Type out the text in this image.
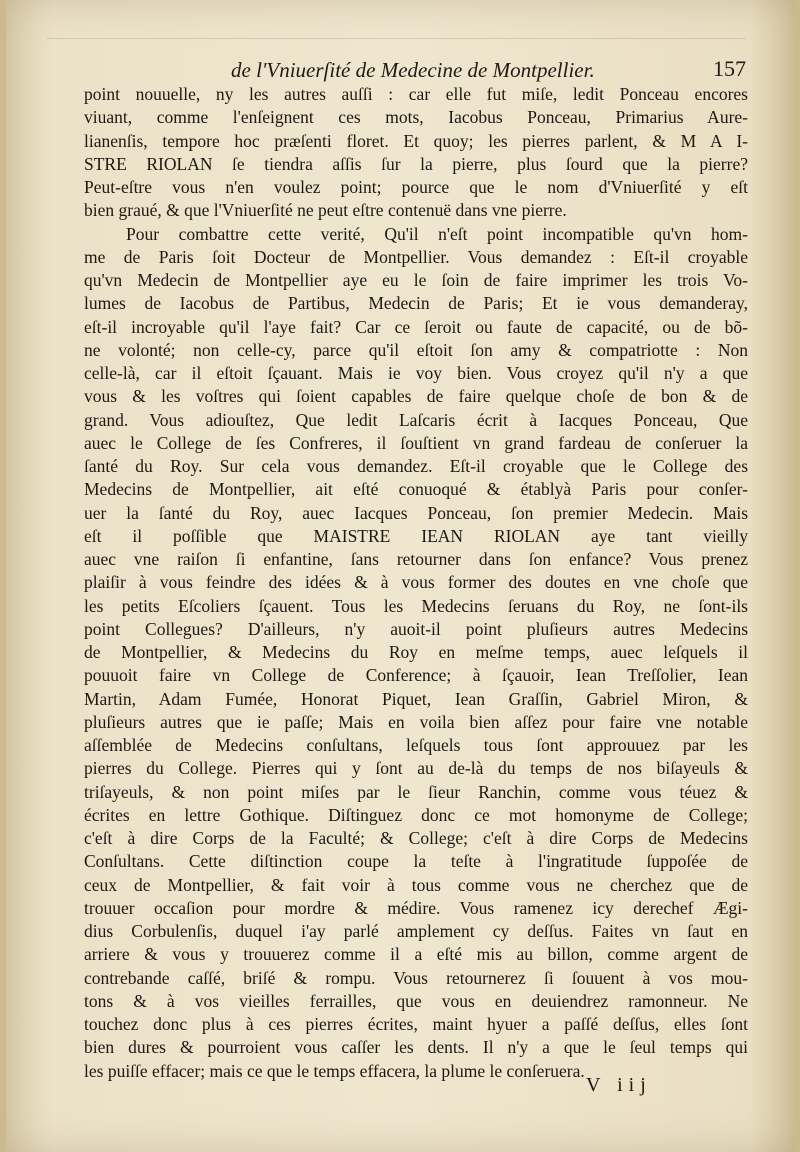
de l'Vniuerſité de Medecine de Montpellier.	157
point nouuelle, ny les autres auſſi : car elle fut miſe, ledit Ponceau encores
viuant, comme l'enſeignent ces mots, Iacobus Ponceau, Primarius Aure-
lianenſis, tempore hoc præſenti floret. Et quoy; les pierres parlent, & M A I-
STRE RIOLAN ſe tiendra aſſis ſur la pierre, plus ſourd que la pierre?
Peut-eſtre vous n'en voulez point; pource que le nom d'Vniuerſité y eſt
bien graué, & que l'Vniuerſité ne peut eſtre contenuë dans vne pierre.
Pour combattre cette verité, Qu'il n'eſt point incompatible qu'vn hom-
me de Paris ſoit Docteur de Montpellier. Vous demandez : Eſt-il croyable
qu'vn Medecin de Montpellier aye eu le ſoin de faire imprimer les trois Vo-
lumes de Iacobus de Partibus, Medecin de Paris; Et ie vous demanderay,
eſt-il incroyable qu'il l'aye fait? Car ce ſeroit ou faute de capacité, ou de bõ-
ne volonté; non celle-cy, parce qu'il eſtoit ſon amy & compatriotte : Non
celle-là, car il eſtoit ſçauant. Mais ie voy bien. Vous croyez qu'il n'y a que
vous & les voſtres qui ſoient capables de faire quelque choſe de bon & de
grand. Vous adiouſtez, Que ledit Laſcaris écrit à Iacques Ponceau, Que
auec le College de ſes Confreres, il ſouſtient vn grand fardeau de conſeruer la
ſanté du Roy. Sur cela vous demandez. Eſt-il croyable que le College des
Medecins de Montpellier, ait eſté conuoqué & établyà Paris pour conſer-
uer la ſanté du Roy, auec Iacques Ponceau, ſon premier Medecin. Mais
eſt il poſſible que MAISTRE IEAN RIOLAN aye tant vieilly
auec vne raiſon ſi enfantine, ſans retourner dans ſon enfance? Vous prenez
plaiſir à vous feindre des idées & à vous former des doutes en vne choſe que
les petits Eſcoliers ſçauent. Tous les Medecins ſeruans du Roy, ne ſont-ils
point Collegues? D'ailleurs, n'y auoit-il point pluſieurs autres Medecins
de Montpellier, & Medecins du Roy en meſme temps, auec leſquels il
pouuoit faire vn College de Conference; à ſçauoir, Iean Treſſolier, Iean
Martin, Adam Fumée, Honorat Piquet, Iean Graſſin, Gabriel Miron, &
pluſieurs autres que ie paſſe; Mais en voila bien aſſez pour faire vne notable
aſſemblée de Medecins conſultans, leſquels tous ſont approuuez par les
pierres du College. Pierres qui y ſont au de-là du temps de nos biſayeuls &
triſayeuls, & non point miſes par le ſieur Ranchin, comme vous téuez &
écrites en lettre Gothique. Diſtinguez donc ce mot homonyme de College;
c'eſt à dire Corps de la Faculté; & College; c'eſt à dire Corps de Medecins
Conſultans. Cette diſtinction coupe la teſte à l'ingratitude ſuppoſée de
ceux de Montpellier, & fait voir à tous comme vous ne cherchez que de
trouuer occaſion pour mordre & médire. Vous ramenez icy derechef Ægi-
dius Corbulenſis, duquel i'ay parlé amplement cy deſſus. Faites vn ſaut en
arriere & vous y trouuerez comme il a eſté mis au billon, comme argent de
contrebande caſſé, briſé & rompu. Vous retournerez ſi ſouuent à vos mou-
tons & à vos vieilles ferrailles, que vous en deuiendrez ramonneur. Ne
touchez donc plus à ces pierres écrites, maint hyuer a paſſé deſſus, elles ſont
bien dures & pourroient vous caſſer les dents. Il n'y a que le ſeul temps qui
les puiſſe effacer; mais ce que le temps effacera, la plume le conſeruera.
V iij
